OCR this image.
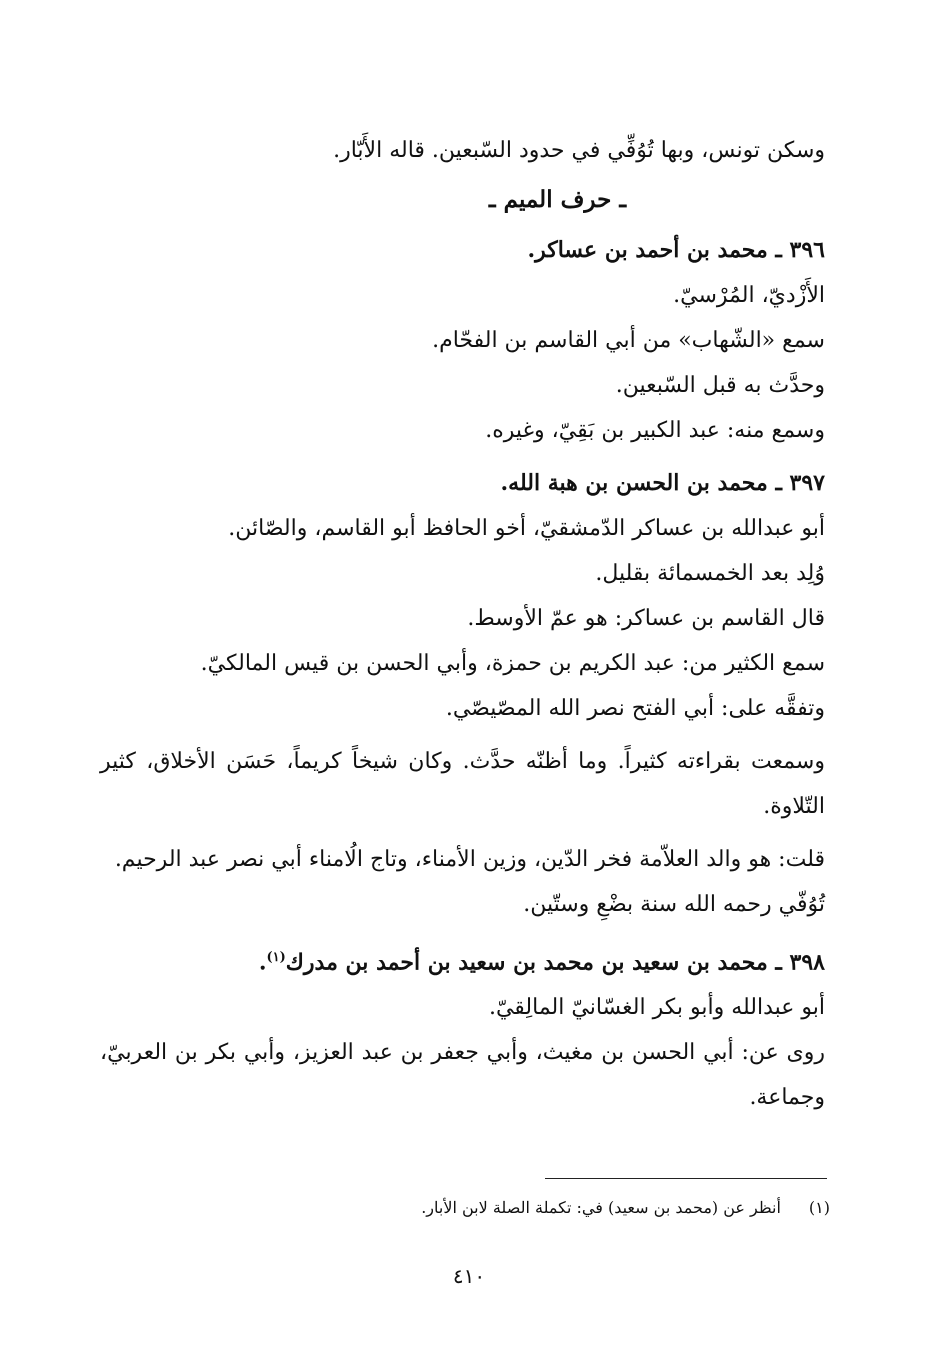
وسكن تونس، وبها تُوُفِّي في حدود السّبعين. قاله الأَبّار.

ـ حرف الميم ـ

٣٩٦ ـ محمد بن أحمد بن عساكر.

الأَزْديّ، المُرْسيّ.

سمع «الشّهاب» من أبي القاسم بن الفحّام.

وحدَّث به قبل السّبعين.

وسمع منه: عبد الكبير بن بَقِيّ، وغيره.

٣٩٧ ـ محمد بن الحسن بن هبة الله.

أبو عبدالله بن عساكر الدّمشقيّ، أخو الحافظ أبو القاسم، والصّائن.

وُلِد بعد الخمسمائة بقليل.

قال القاسم بن عساكر: هو عمّ الأوسط.

سمع الكثير من: عبد الكريم بن حمزة، وأبي الحسن بن قيس المالكيّ.

وتفقَّه على: أبي الفتح نصر الله المصّيصّي.

وسمعت بقراءته كثيراً. وما أظنّه حدَّث. وكان شيخاً كريماً، حَسَن الأخلاق، كثير التّلاوة.

قلت: هو والد العلاّمة فخر الدّين، وزين الأمناء، وتاج الُامناء أبي نصر عبد الرحيم.

تُوُفّي رحمه الله سنة بضْعِ وستّين.

٣٩٨ ـ محمد بن سعيد بن محمد بن سعيد بن أحمد بن مدرك$^{(١)}$.

أبو عبدالله وأبو بكر الغسّانيّ المالِقيّ.

روى عن: أبي الحسن بن مغيث، وأبي جعفر بن عبد العزيز، وأبي بكر بن العربيّ، وجماعة.

(١)أنظر عن (محمد بن سعيد) في: تكملة الصلة لابن الأبار.
٤١٠
